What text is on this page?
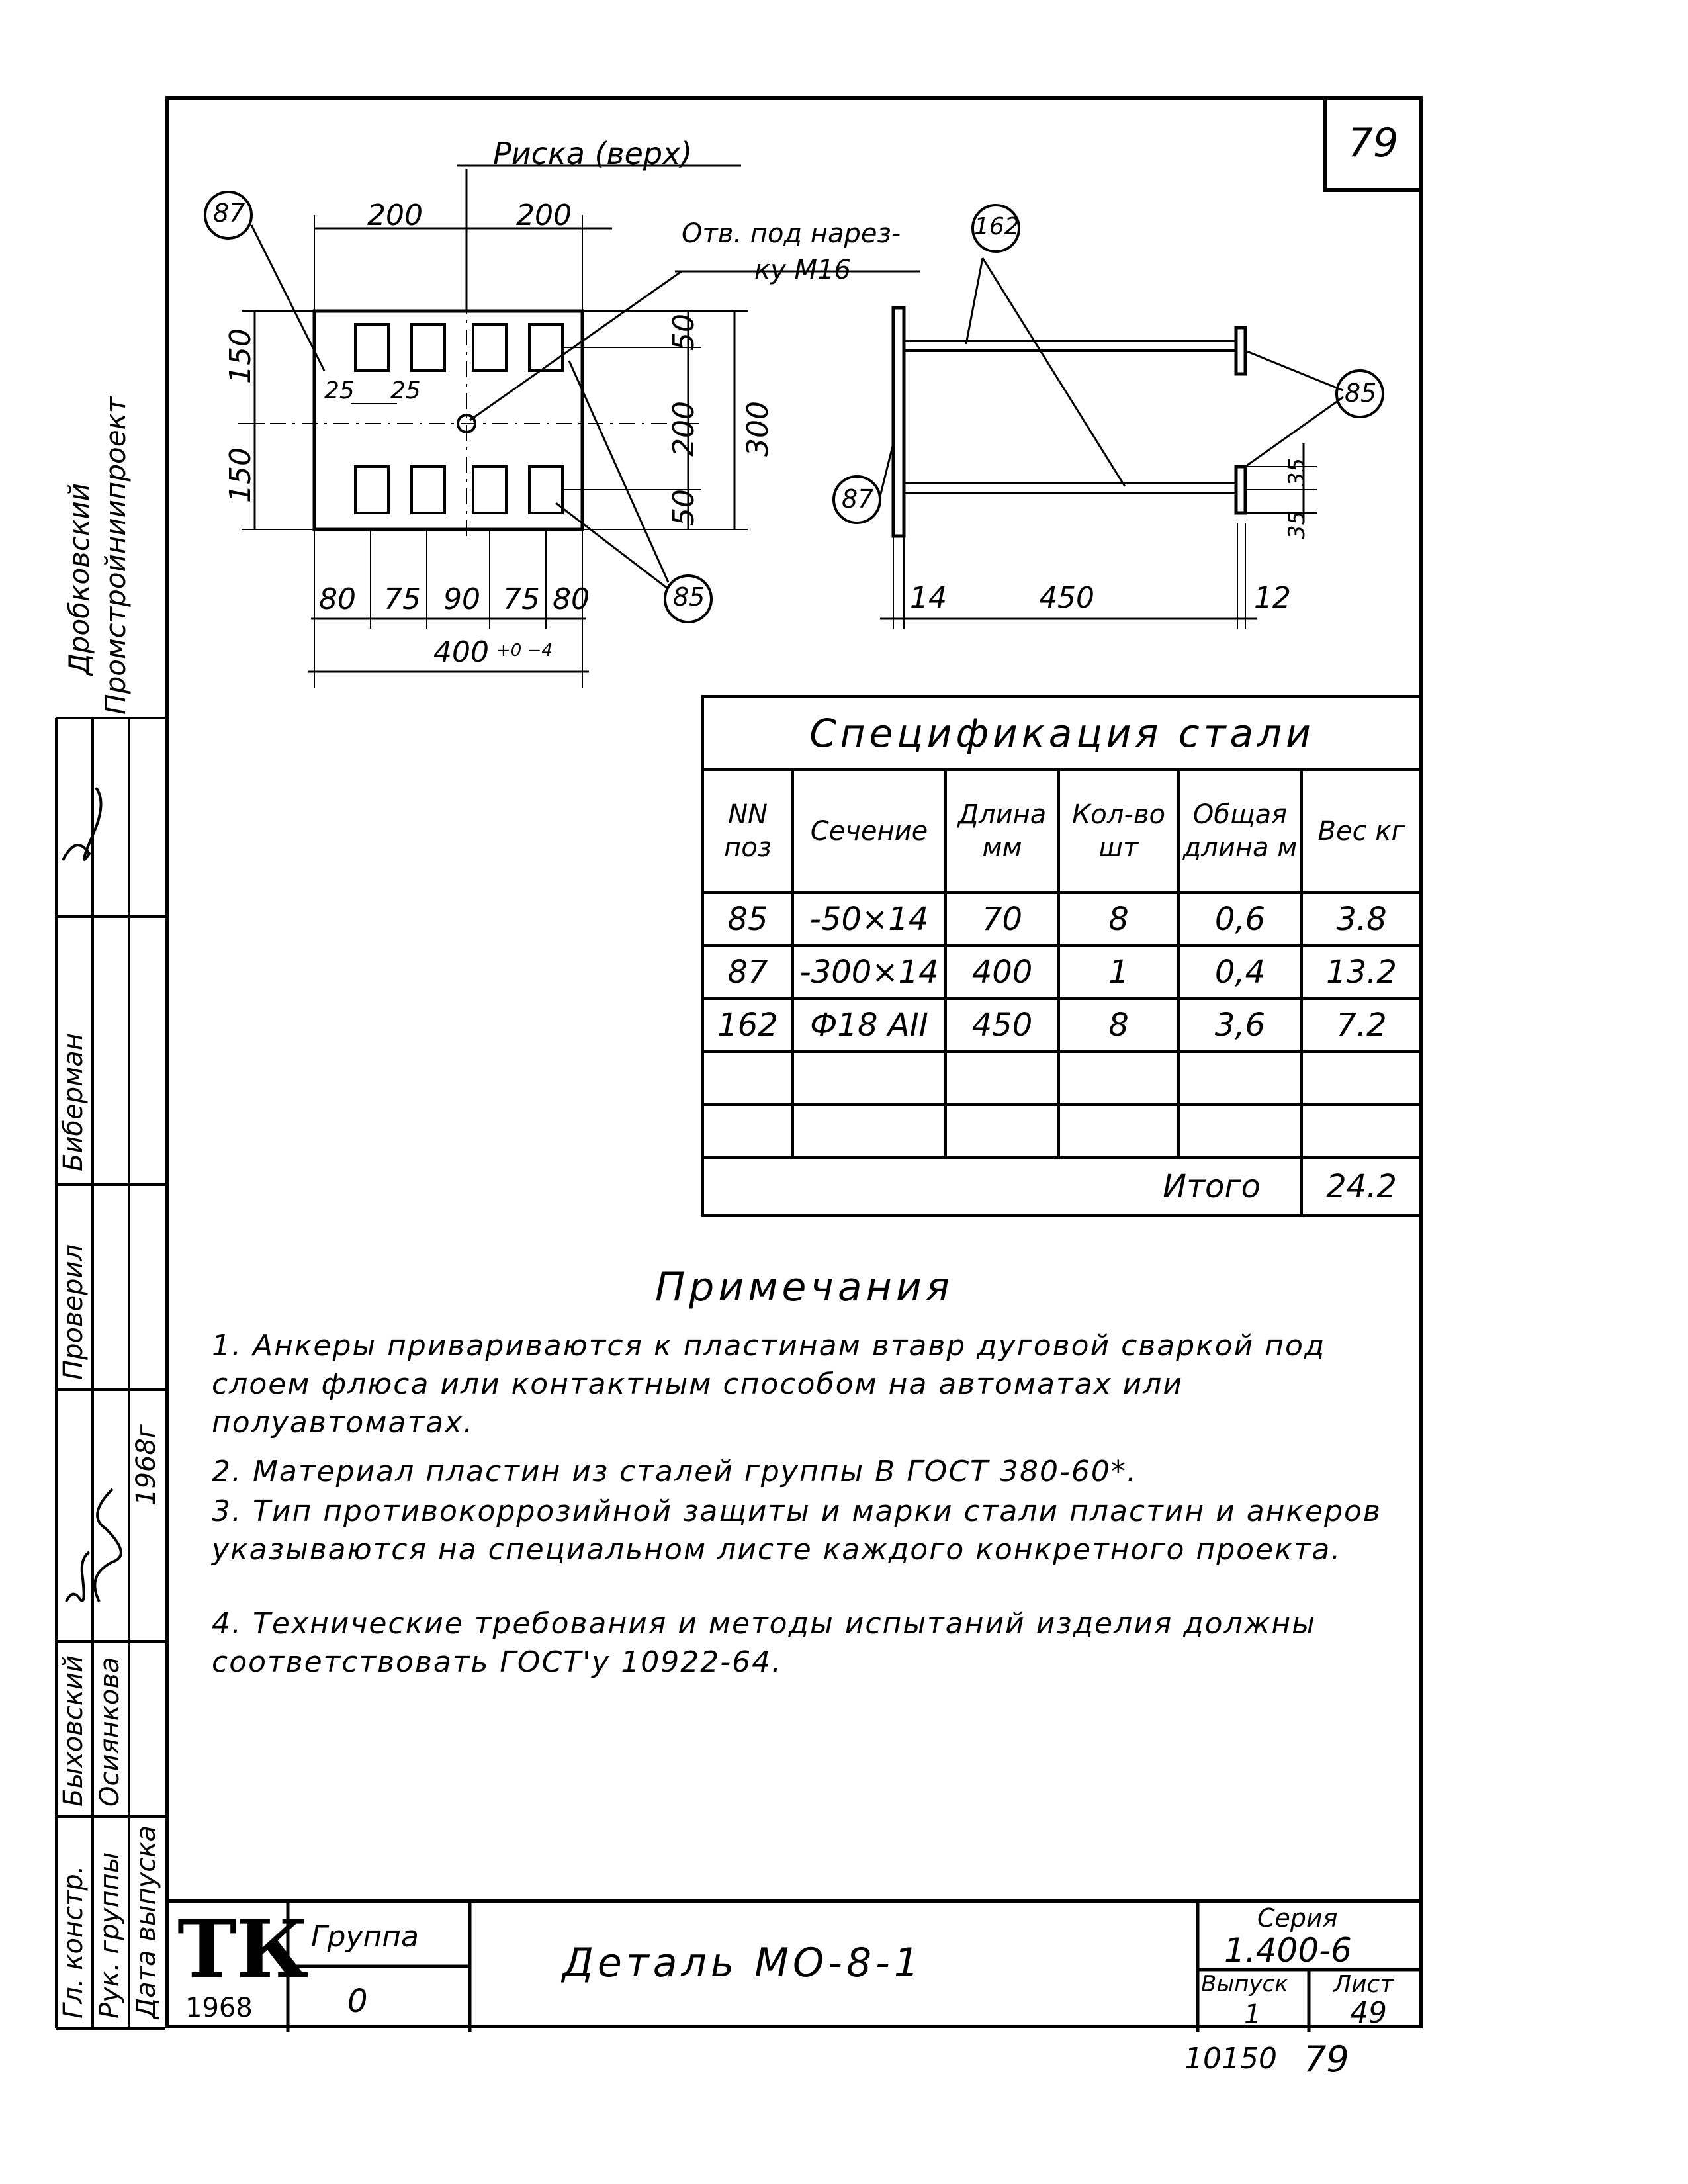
79
Риска (верх)
Отв. под нарез-
ку М16
87
85
162
85
87
200	200
150
150
25 25
50
200
50
300
80 75 90 75 80
400 +0 −4
14	450	12
35
35
Спецификация стали					
NN поз	Сечение	Длина мм	Кол-во шт	Общая длина м	Вес кг
85	-50×14	70	8	0,6	3.8
87	-300×14	400	1	0,4	13.2
162	Ф18 АII	450	8	3,6	7.2

Итого					24.2
Примечания
1. Анкеры привариваются к пластинам втавр дуговой сваркой под слоем флюса или контактным способом на автоматах или полуавтоматах.
2. Материал пластин из сталей группы В ГОСТ 380-60*.
3. Тип противокоррозийной защиты и марки стали пластин и анкеров указываются на специальном листе каждого конкретного проекта.
4. Технические требования и методы испытаний изделия должны соответствовать ГОСТ'у 10922-64.
Дробковский Промстройниипроект
Гл. констр. Рук. группы Дата выпуска
Быховский Осиянкова
1968г
Проверил
Биберман
ТК
1968
Группа
0
Деталь МО-8-1
Серия
1.400-6
Выпуск
1
Лист
49
10150 79
